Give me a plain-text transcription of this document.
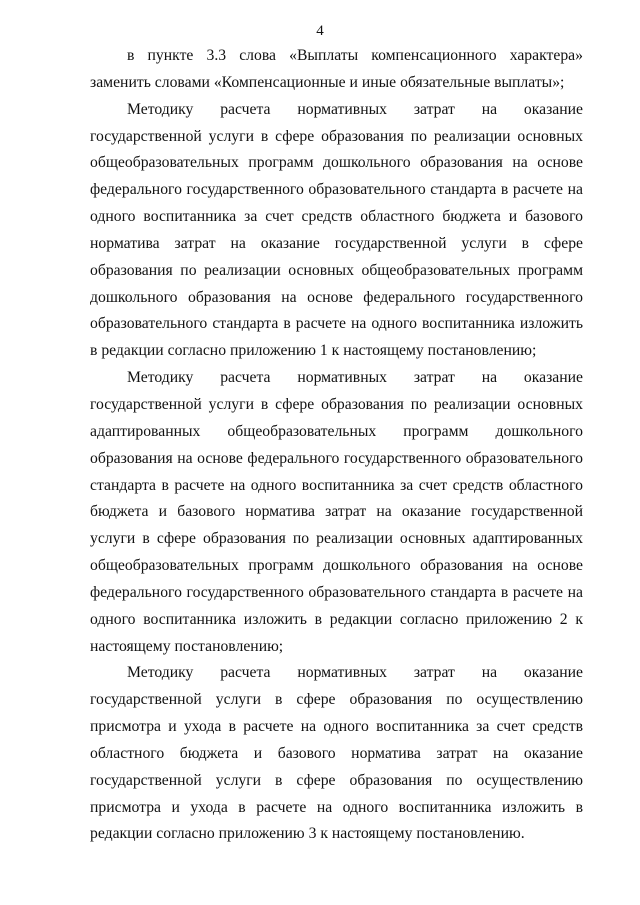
4

в пункте 3.3 слова «Выплаты компенсационного характера» заменить словами «Компенсационные и иные обязательные выплаты»;

Методику расчета нормативных затрат на оказание государственной услуги в сфере образования по реализации основных общеобразовательных программ дошкольного образования на основе федерального государственного образовательного стандарта в расчете на одного воспитанника за счет средств областного бюджета и базового норматива затрат на оказание государственной услуги в сфере образования по реализации основных общеобразовательных программ дошкольного образования на основе федерального государственного образовательного стандарта в расчете на одного воспитанника изложить в редакции согласно приложению 1 к настоящему постановлению;

Методику расчета нормативных затрат на оказание государственной услуги в сфере образования по реализации основных адаптированных общеобразовательных программ дошкольного образования на основе федерального государственного образовательного стандарта в расчете на одного воспитанника за счет средств областного бюджета и базового норматива затрат на оказание государственной услуги в сфере образования по реализации основных адаптированных общеобразовательных программ дошкольного образования на основе федерального государственного образовательного стандарта в расчете на одного воспитанника изложить в редакции согласно приложению 2 к настоящему постановлению;

Методику расчета нормативных затрат на оказание государственной услуги в сфере образования по осуществлению присмотра и ухода в расчете на одного воспитанника за счет средств областного бюджета и базового норматива затрат на оказание государственной услуги в сфере образования по осуществлению присмотра и ухода в расчете на одного воспитанника изложить в редакции согласно приложению 3 к настоящему постановлению.
